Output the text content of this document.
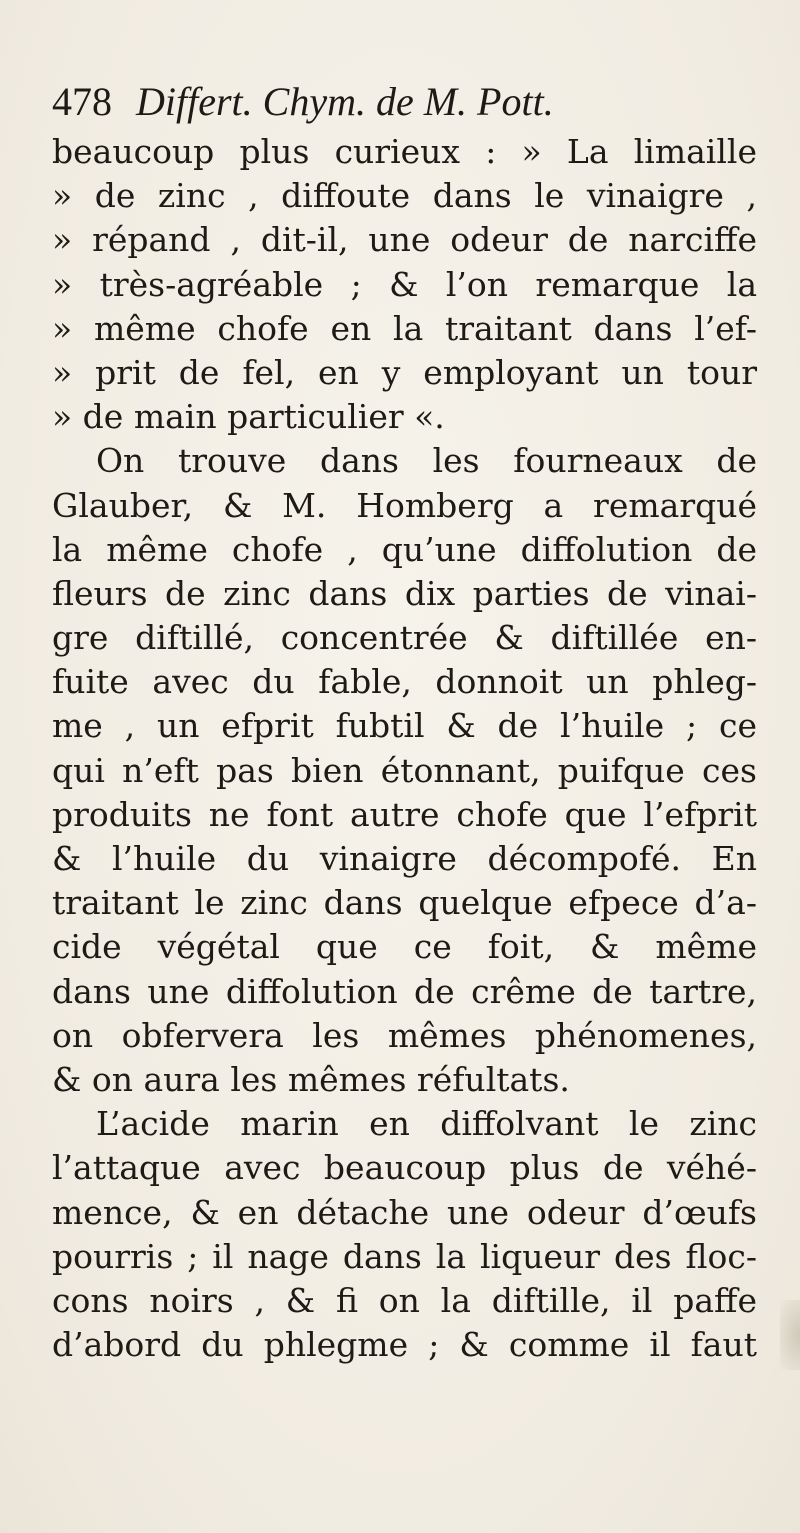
478 Differt. Chym. de M. Pott.
beaucoup plus curieux : » La limaille
» de zinc , diffoute dans le vinaigre ,
» répand , dit-il, une odeur de narciffe
» très-agréable ; & l’on remarque la
» même chofe en la traitant dans l’ef-
» prit de fel, en y employant un tour
» de main particulier «.
On trouve dans les fourneaux de
Glauber, & M. Homberg a remarqué
la même chofe , qu’une diffolution de
fleurs de zinc dans dix parties de vinai-
gre diftillé, concentrée & diftillée en-
fuite avec du fable, donnoit un phleg-
me , un efprit fubtil & de l’huile ; ce
qui n’eft pas bien étonnant, puifque ces
produits ne font autre chofe que l’efprit
& l’huile du vinaigre décompofé. En
traitant le zinc dans quelque efpece d’a-
cide végétal que ce foit, & même
dans une diffolution de crême de tartre,
on obfervera les mêmes phénomenes,
& on aura les mêmes réfultats.
L’acide marin en diffolvant le zinc
l’attaque avec beaucoup plus de véhé-
mence, & en détache une odeur d’œufs
pourris ; il nage dans la liqueur des floc-
cons noirs , & fi on la diftille, il paffe
d’abord du phlegme ; & comme il faut
